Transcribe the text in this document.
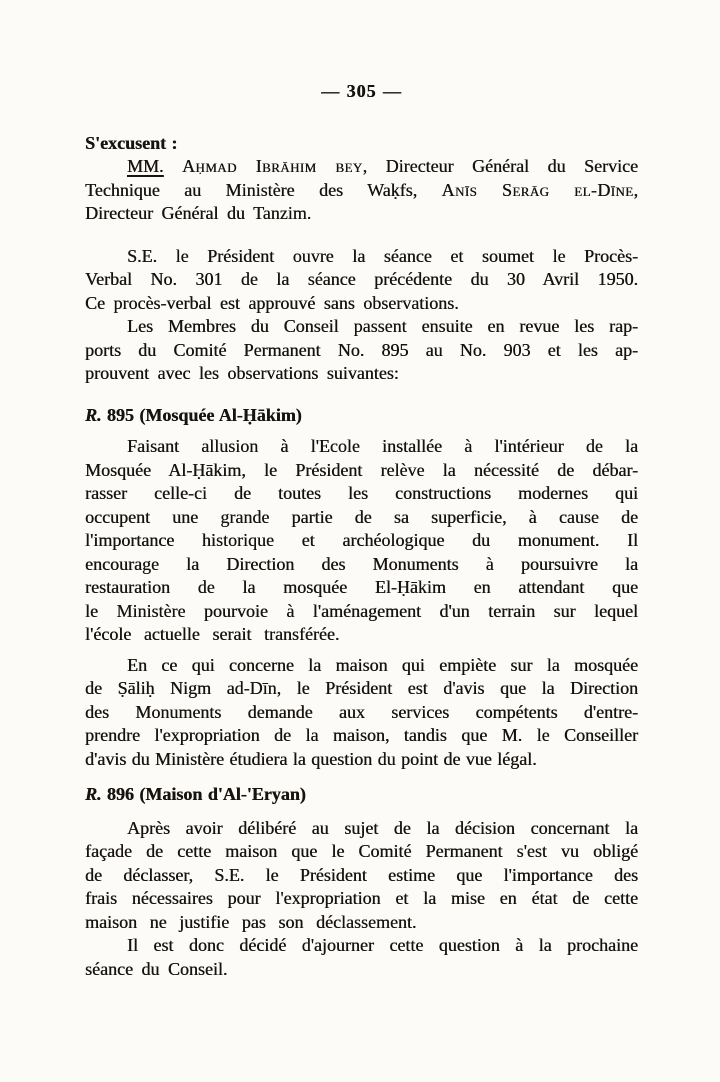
— 305 —
S'excusent :
MM. Aḥmad Ibrāhim bey, Directeur Général du Service
Technique au Ministère des Waḳfs, Anīs Serāg el-Dīne,
Directeur Général du Tanzim.
S.E. le Président ouvre la séance et soumet le Procès-
Verbal No. 301 de la séance précédente du 30 Avril 1950.
Ce procès-verbal est approuvé sans observations.
Les Membres du Conseil passent ensuite en revue les rap-
ports du Comité Permanent No. 895 au No. 903 et les ap-
prouvent avec les observations suivantes:
R. 895 (Mosquée Al-Ḥākim)
Faisant allusion à l'Ecole installée à l'intérieur de la
Mosquée Al-Ḥākim, le Président relève la nécessité de débar-
rasser celle-ci de toutes les constructions modernes qui
occupent une grande partie de sa superficie, à cause de
l'importance historique et archéologique du monument. Il
encourage la Direction des Monuments à poursuivre la
restauration de la mosquée El-Ḥākim en attendant que
le Ministère pourvoie à l'aménagement d'un terrain sur lequel
l'école actuelle serait transférée.
En ce qui concerne la maison qui empiète sur la mosquée
de Ṣāliḥ Nigm ad-Dīn, le Président est d'avis que la Direction
des Monuments demande aux services compétents d'entre-
prendre l'expropriation de la maison, tandis que M. le Conseiller
d'avis du Ministère étudiera la question du point de vue légal.
R. 896 (Maison d'Al-'Eryan)
Après avoir délibéré au sujet de la décision concernant la
façade de cette maison que le Comité Permanent s'est vu obligé
de déclasser, S.E. le Président estime que l'importance des
frais nécessaires pour l'expropriation et la mise en état de cette
maison ne justifie pas son déclassement.
Il est donc décidé d'ajourner cette question à la prochaine
séance du Conseil.
